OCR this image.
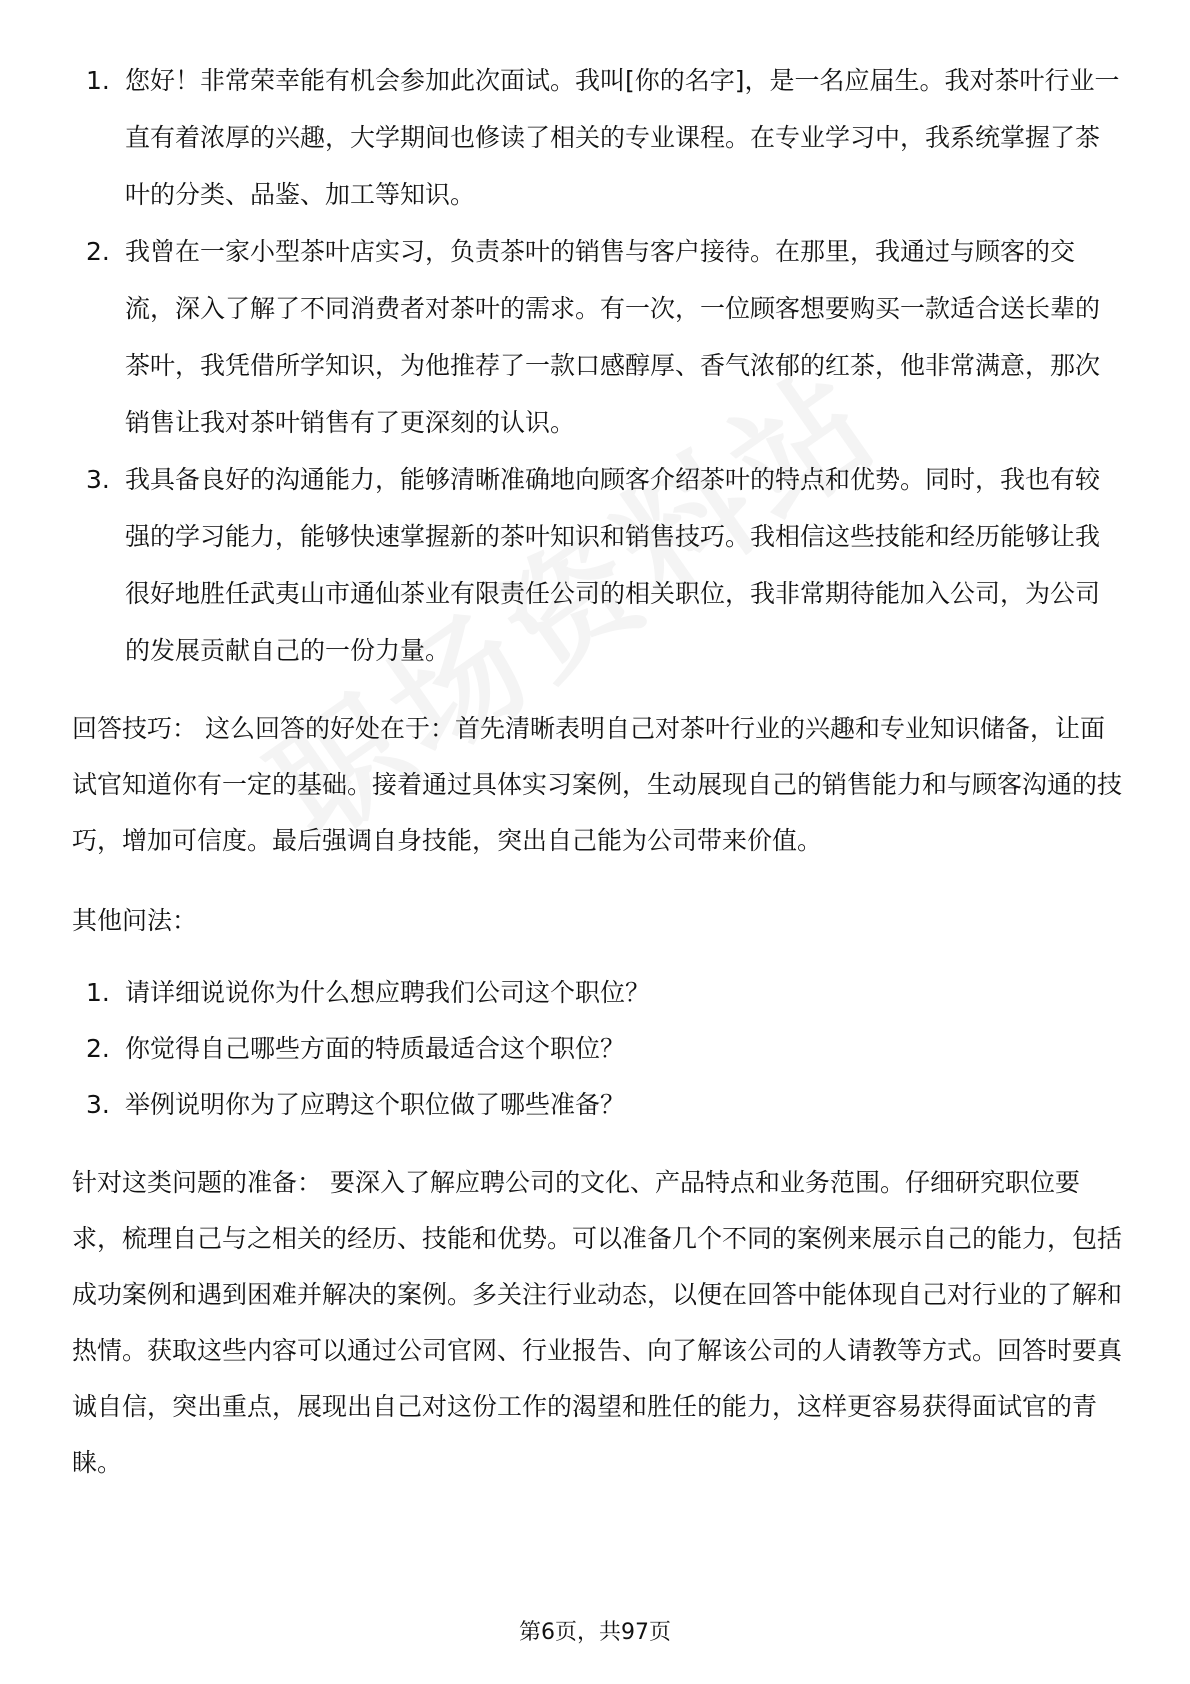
1. 您好！非常荣幸能有机会参加此次面试。我叫[你的名字]，是一名应届生。我对茶叶行业一直有着浓厚的兴趣，大学期间也修读了相关的专业课程。在专业学习中，我系统掌握了茶叶的分类、品鉴、加工等知识。
2. 我曾在一家小型茶叶店实习，负责茶叶的销售与客户接待。在那里，我通过与顾客的交流，深入了解了不同消费者对茶叶的需求。有一次，一位顾客想要购买一款适合送长辈的茶叶，我凭借所学知识，为他推荐了一款口感醇厚、香气浓郁的红茶，他非常满意，那次销售让我对茶叶销售有了更深刻的认识。
3. 我具备良好的沟通能力，能够清晰准确地向顾客介绍茶叶的特点和优势。同时，我也有较强的学习能力，能够快速掌握新的茶叶知识和销售技巧。我相信这些技能和经历能够让我很好地胜任武夷山市通仙茶业有限责任公司的相关职位，我非常期待能加入公司，为公司的发展贡献自己的一份力量。

回答技巧： 这么回答的好处在于：首先清晰表明自己对茶叶行业的兴趣和专业知识储备，让面试官知道你有一定的基础。接着通过具体实习案例，生动展现自己的销售能力和与顾客沟通的技巧，增加可信度。最后强调自身技能，突出自己能为公司带来价值。

其他问法：

1. 请详细说说你为什么想应聘我们公司这个职位？
2. 你觉得自己哪些方面的特质最适合这个职位？
3. 举例说明你为了应聘这个职位做了哪些准备？

针对这类问题的准备： 要深入了解应聘公司的文化、产品特点和业务范围。仔细研究职位要求，梳理自己与之相关的经历、技能和优势。可以准备几个不同的案例来展示自己的能力，包括成功案例和遇到困难并解决的案例。多关注行业动态，以便在回答中能体现自己对行业的了解和热情。获取这些内容可以通过公司官网、行业报告、向了解该公司的人请教等方式。回答时要真诚自信，突出重点，展现出自己对这份工作的渴望和胜任的能力，这样更容易获得面试官的青睐。

第6页，共97页
